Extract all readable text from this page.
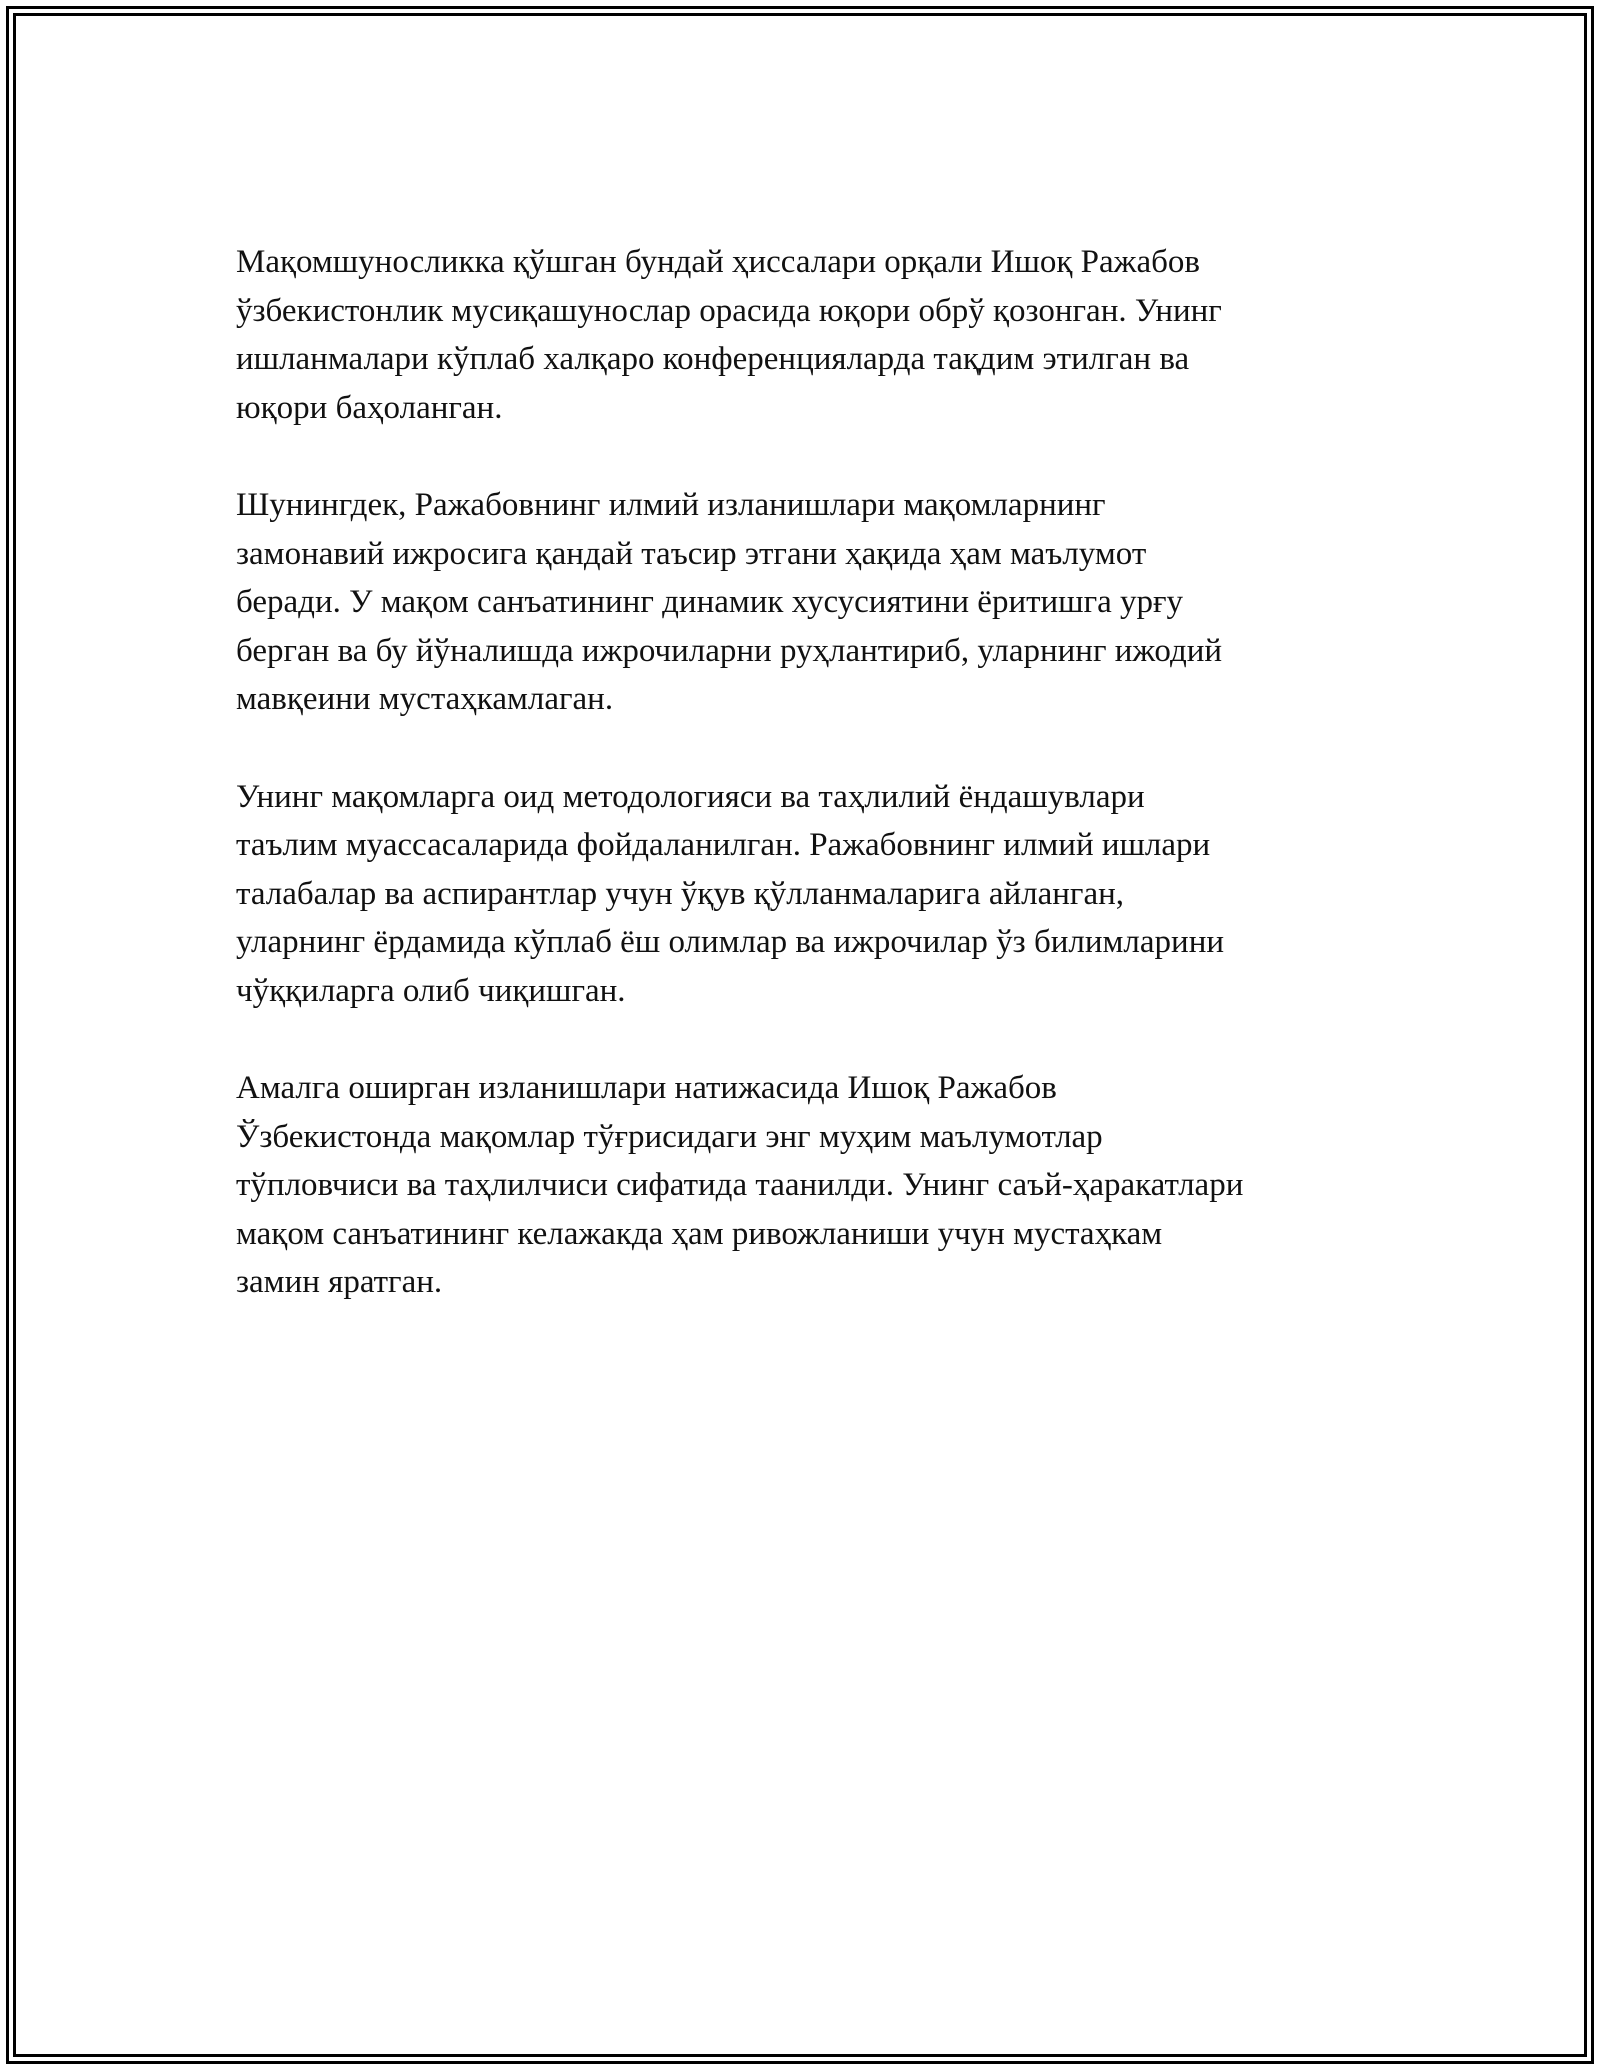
Мақомшуносликка қўшган бундай ҳиссалари орқали Ишоқ Ражабов
ўзбекистонлик мусиқашунослар орасида юқори обрў қозонган. Унинг
ишланмалари кўплаб халқаро конференцияларда тақдим этилган ва
юқори баҳоланган.

Шунингдек, Ражабовнинг илмий изланишлари мақомларнинг
замонавий ижросига қандай таъсир этгани ҳақида ҳам маълумот
беради. У мақом санъатининг динамик хусусиятини ёритишга урғу
берган ва бу йўналишда ижрочиларни руҳлантириб, уларнинг ижодий
мавқеини мустаҳкамлаган.

Унинг мақомларга оид методологияси ва таҳлилий ёндашувлари
таълим муассасаларида фойдаланилган. Ражабовнинг илмий ишлари
талабалар ва аспирантлар учун ўқув қўлланмаларига айланган,
уларнинг ёрдамида кўплаб ёш олимлар ва ижрочилар ўз билимларини
чўққиларга олиб чиқишган.

Амалга оширган изланишлари натижасида Ишоқ Ражабов
Ўзбекистонда мақомлар тўғрисидаги энг муҳим маълумотлар
тўпловчиси ва таҳлилчиси сифатида таанилди. Унинг саъй-ҳаракатлари
мақом санъатининг келажакда ҳам ривожланиши учун мустаҳкам
замин яратган.
